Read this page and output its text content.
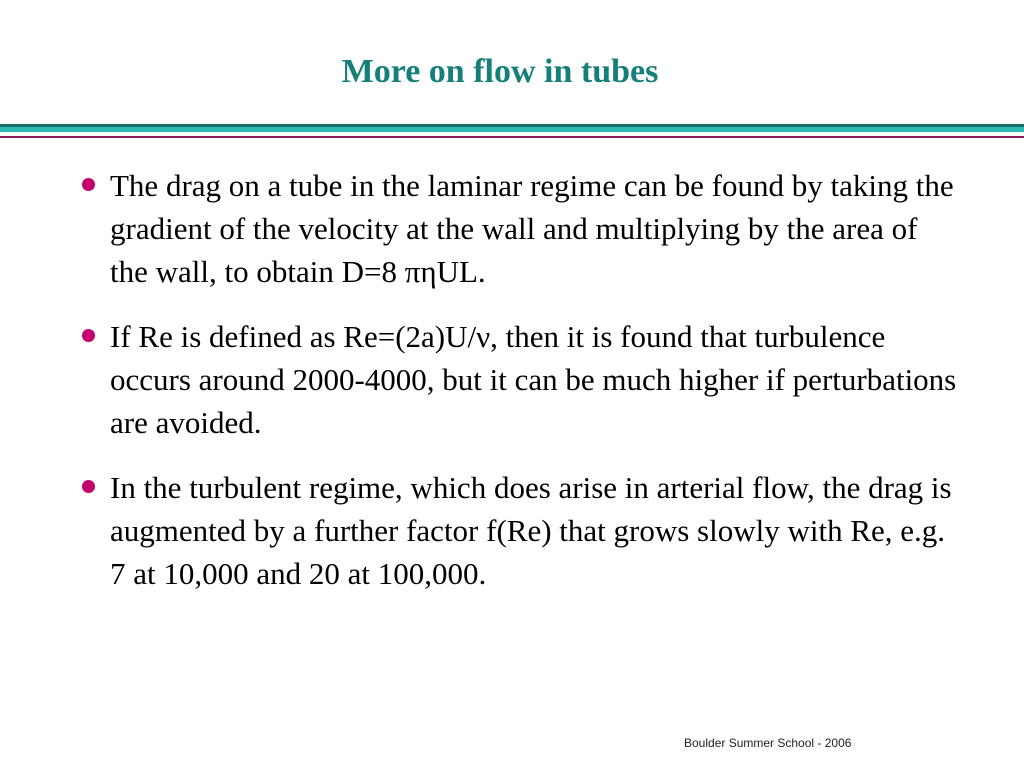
More on flow in tubes
The drag on a tube in the laminar regime can be found by taking the gradient of the velocity at the wall and multiplying by the area of the wall, to obtain D=8 πηUL.
If Re is defined as Re=(2a)U/ν, then it is found that turbulence occurs around 2000-4000, but it can be much higher if perturbations are avoided.
In the turbulent regime, which does arise in arterial flow, the drag is augmented by a further factor f(Re) that grows slowly with Re, e.g. 7 at 10,000 and 20 at 100,000.
Boulder Summer School - 2006
